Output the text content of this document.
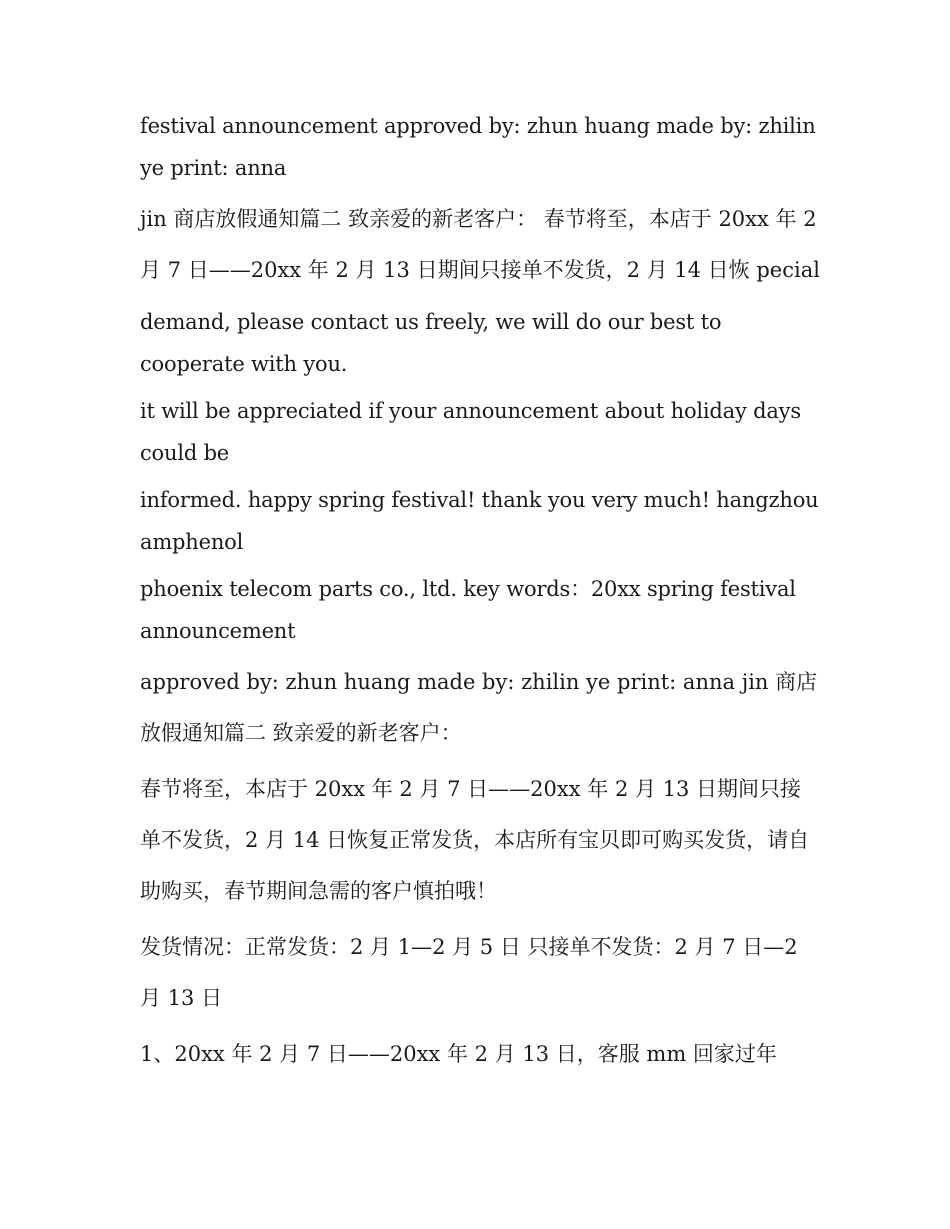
festival announcement approved by: zhun huang made by: zhilin ye print: anna

jin 商店放假通知篇二 致亲爱的新老客户： 春节将至，本店于 20xx 年 2 月 7 日——20xx 年 2 月 13 日期间只接单不发货，2 月 14 日恢 pecial

demand, please contact us freely, we will do our best to cooperate with you.

it will be appreciated if your announcement about holiday days could be

informed. happy spring festival! thank you very much! hangzhou amphenol

phoenix telecom parts co., ltd. key words：20xx spring festival announcement

approved by: zhun huang made by: zhilin ye print: anna jin 商店放假通知篇二 致亲爱的新老客户：

春节将至，本店于 20xx 年 2 月 7 日——20xx 年 2 月 13 日期间只接单不发货，2 月 14 日恢复正常发货，本店所有宝贝即可购买发货，请自助购买，春节期间急需的客户慎拍哦！

发货情况：正常发货：2 月 1—2 月 5 日 只接单不发货：2 月 7 日—2 月 13 日

1、20xx 年 2 月 7 日——20xx 年 2 月 13 日，客服 mm 回家过年
